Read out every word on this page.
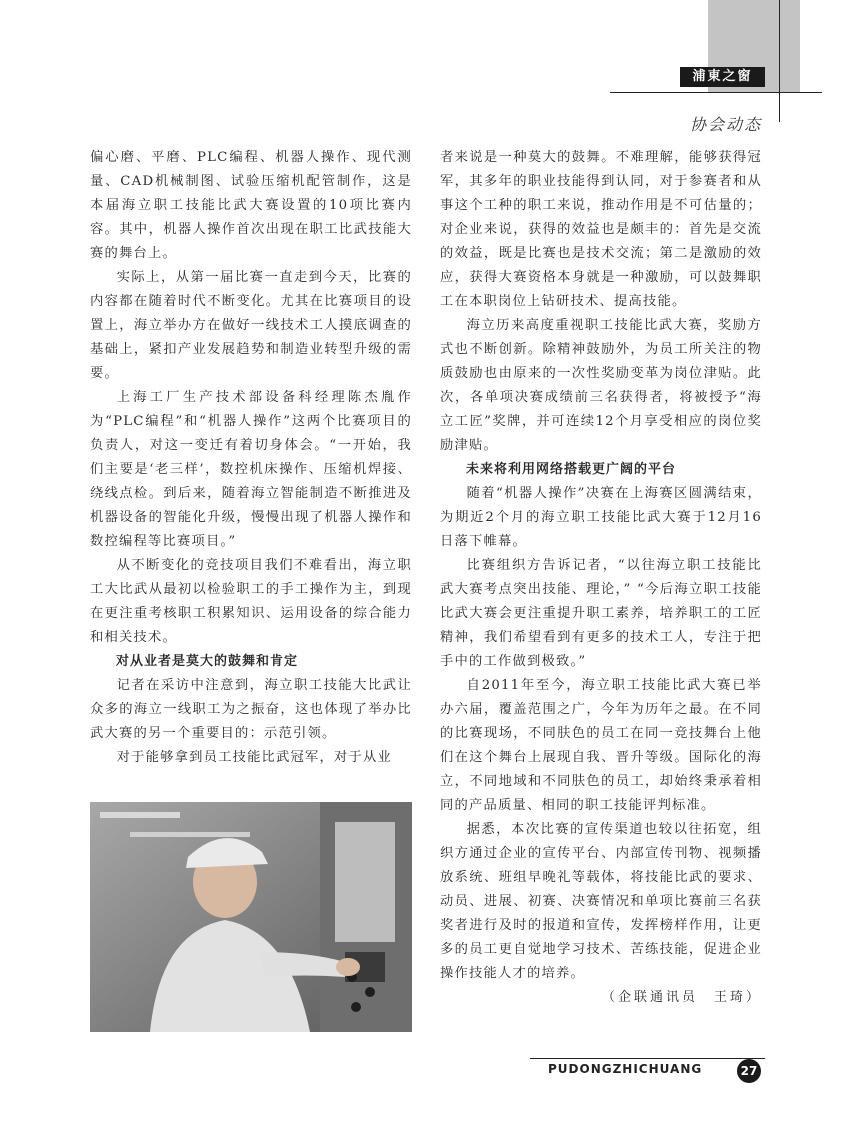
浦東之窗
协会动态

偏心磨、平磨、PLC编程、机器人操作、现代测量、CAD机械制图、试验压缩机配管制作，这是本届海立职工技能比武大赛设置的10项比赛内容。其中，机器人操作首次出现在职工比武技能大赛的舞台上。

实际上，从第一届比赛一直走到今天，比赛的内容都在随着时代不断变化。尤其在比赛项目的设置上，海立举办方在做好一线技术工人摸底调查的基础上，紧扣产业发展趋势和制造业转型升级的需要。

上海工厂生产技术部设备科经理陈杰胤作为“PLC编程”和“机器人操作”这两个比赛项目的负责人，对这一变迁有着切身体会。“一开始，我们主要是‘老三样’，数控机床操作、压缩机焊接、绕线点检。到后来，随着海立智能制造不断推进及机器设备的智能化升级，慢慢出现了机器人操作和数控编程等比赛项目。”

从不断变化的竞技项目我们不难看出，海立职工大比武从最初以检验职工的手工操作为主，到现在更注重考核职工积累知识、运用设备的综合能力和相关技术。

对从业者是莫大的鼓舞和肯定

记者在采访中注意到，海立职工技能大比武让众多的海立一线职工为之振奋，这也体现了举办比武大赛的另一个重要目的：示范引领。

对于能够拿到员工技能比武冠军，对于从业

者来说是一种莫大的鼓舞。不难理解，能够获得冠军，其多年的职业技能得到认同，对于参赛者和从事这个工种的职工来说，推动作用是不可估量的；对企业来说，获得的效益也是颇丰的：首先是交流的效益，既是比赛也是技术交流；第二是激励的效应，获得大赛资格本身就是一种激励，可以鼓舞职工在本职岗位上钻研技术、提高技能。

海立历来高度重视职工技能比武大赛，奖励方式也不断创新。除精神鼓励外，为员工所关注的物质鼓励也由原来的一次性奖励变革为岗位津贴。此次，各单项决赛成绩前三名获得者，将被授予“海立工匠”奖牌，并可连续12个月享受相应的岗位奖励津贴。

未来将利用网络搭载更广阔的平台

随着“机器人操作”决赛在上海赛区圆满结束，为期近2个月的海立职工技能比武大赛于12月16日落下帷幕。

比赛组织方告诉记者，“以往海立职工技能比武大赛考点突出技能、理论，” “今后海立职工技能比武大赛会更注重提升职工素养，培养职工的工匠精神，我们希望看到有更多的技术工人，专注于把手中的工作做到极致。”

自2011年至今，海立职工技能比武大赛已举办六届，覆盖范围之广，今年为历年之最。在不同的比赛现场，不同肤色的员工在同一竞技舞台上他们在这个舞台上展现自我、晋升等级。国际化的海立，不同地域和不同肤色的员工，却始终秉承着相同的产品质量、相同的职工技能评判标准。

据悉，本次比赛的宣传渠道也较以往拓宽，组织方通过企业的宣传平台、内部宣传刊物、视频播放系统、班组早晚礼等载体，将技能比武的要求、动员、进展、初赛、决赛情况和单项比赛前三名获奖者进行及时的报道和宣传，发挥榜样作用，让更多的员工更自觉地学习技术、苦练技能，促进企业操作技能人才的培养。

（企联通讯员　王琦）

PUDONGZHICHUANG	27
